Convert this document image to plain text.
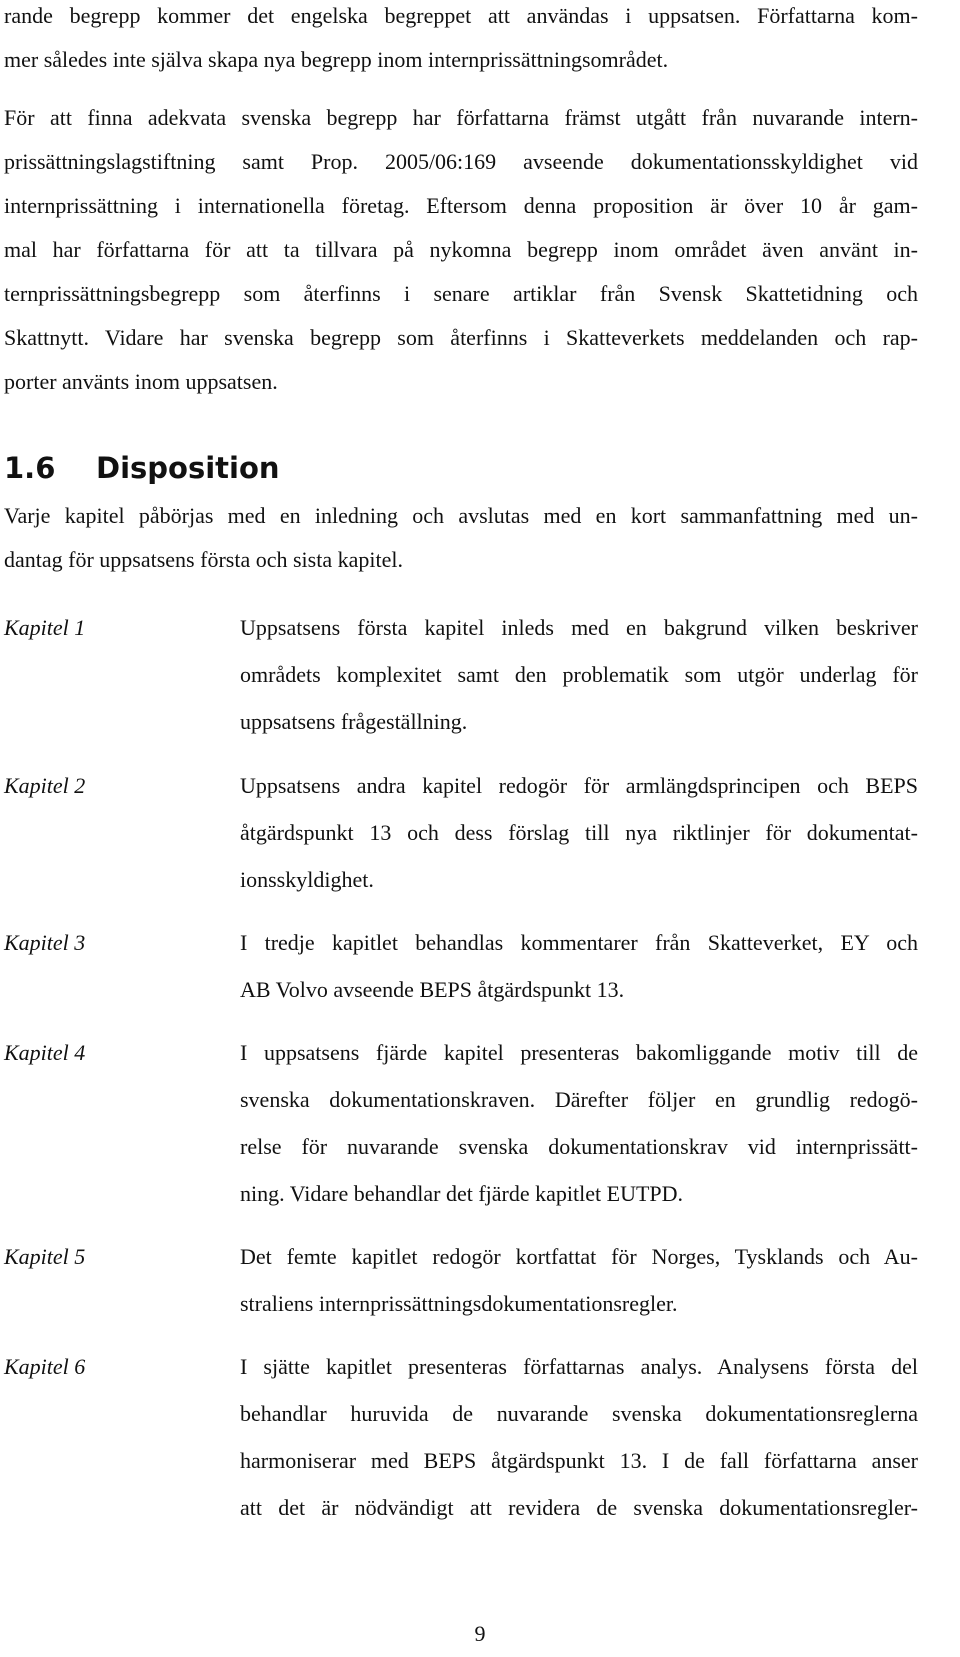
rande begrepp kommer det engelska begreppet att användas i uppsatsen. Författarna kom-

mer således inte själva skapa nya begrepp inom internprissättningsområdet.

För att finna adekvata svenska begrepp har författarna främst utgått från nuvarande intern-

prissättningslagstiftning samt Prop. 2005/06:169 avseende dokumentationsskyldighet vid

internprissättning i internationella företag. Eftersom denna proposition är över 10 år gam-

mal har författarna för att ta tillvara på nykomna begrepp inom området även använt in-

ternprissättningsbegrepp som återfinns i senare artiklar från Svensk Skattetidning och

Skattnytt. Vidare har svenska begrepp som återfinns i Skatteverkets meddelanden och rap-

porter använts inom uppsatsen.

1.6 Disposition

Varje kapitel påbörjas med en inledning och avslutas med en kort sammanfattning med un-

dantag för uppsatsens första och sista kapitel.

Kapitel 1	Uppsatsens första kapitel inleds med en bakgrund vilken beskriver

områdets komplexitet samt den problematik som utgör underlag för

uppsatsens frågeställning.

Kapitel 2	Uppsatsens andra kapitel redogör för armlängdsprincipen och BEPS

åtgärdspunkt 13 och dess förslag till nya riktlinjer för dokumentat-

ionsskyldighet.

Kapitel 3	I tredje kapitlet behandlas kommentarer från Skatteverket, EY och

AB Volvo avseende BEPS åtgärdspunkt 13.

Kapitel 4	I uppsatsens fjärde kapitel presenteras bakomliggande motiv till de

svenska dokumentationskraven. Därefter följer en grundlig redogö-

relse för nuvarande svenska dokumentationskrav vid internprissätt-

ning. Vidare behandlar det fjärde kapitlet EUTPD.

Kapitel 5	Det femte kapitlet redogör kortfattat för Norges, Tysklands och Au-

straliens internprissättningsdokumentationsregler.

Kapitel 6	I sjätte kapitlet presenteras författarnas analys. Analysens första del

behandlar huruvida de nuvarande svenska dokumentationsreglerna

harmoniserar med BEPS åtgärdspunkt 13. I de fall författarna anser

att det är nödvändigt att revidera de svenska dokumentationsregler-

9
